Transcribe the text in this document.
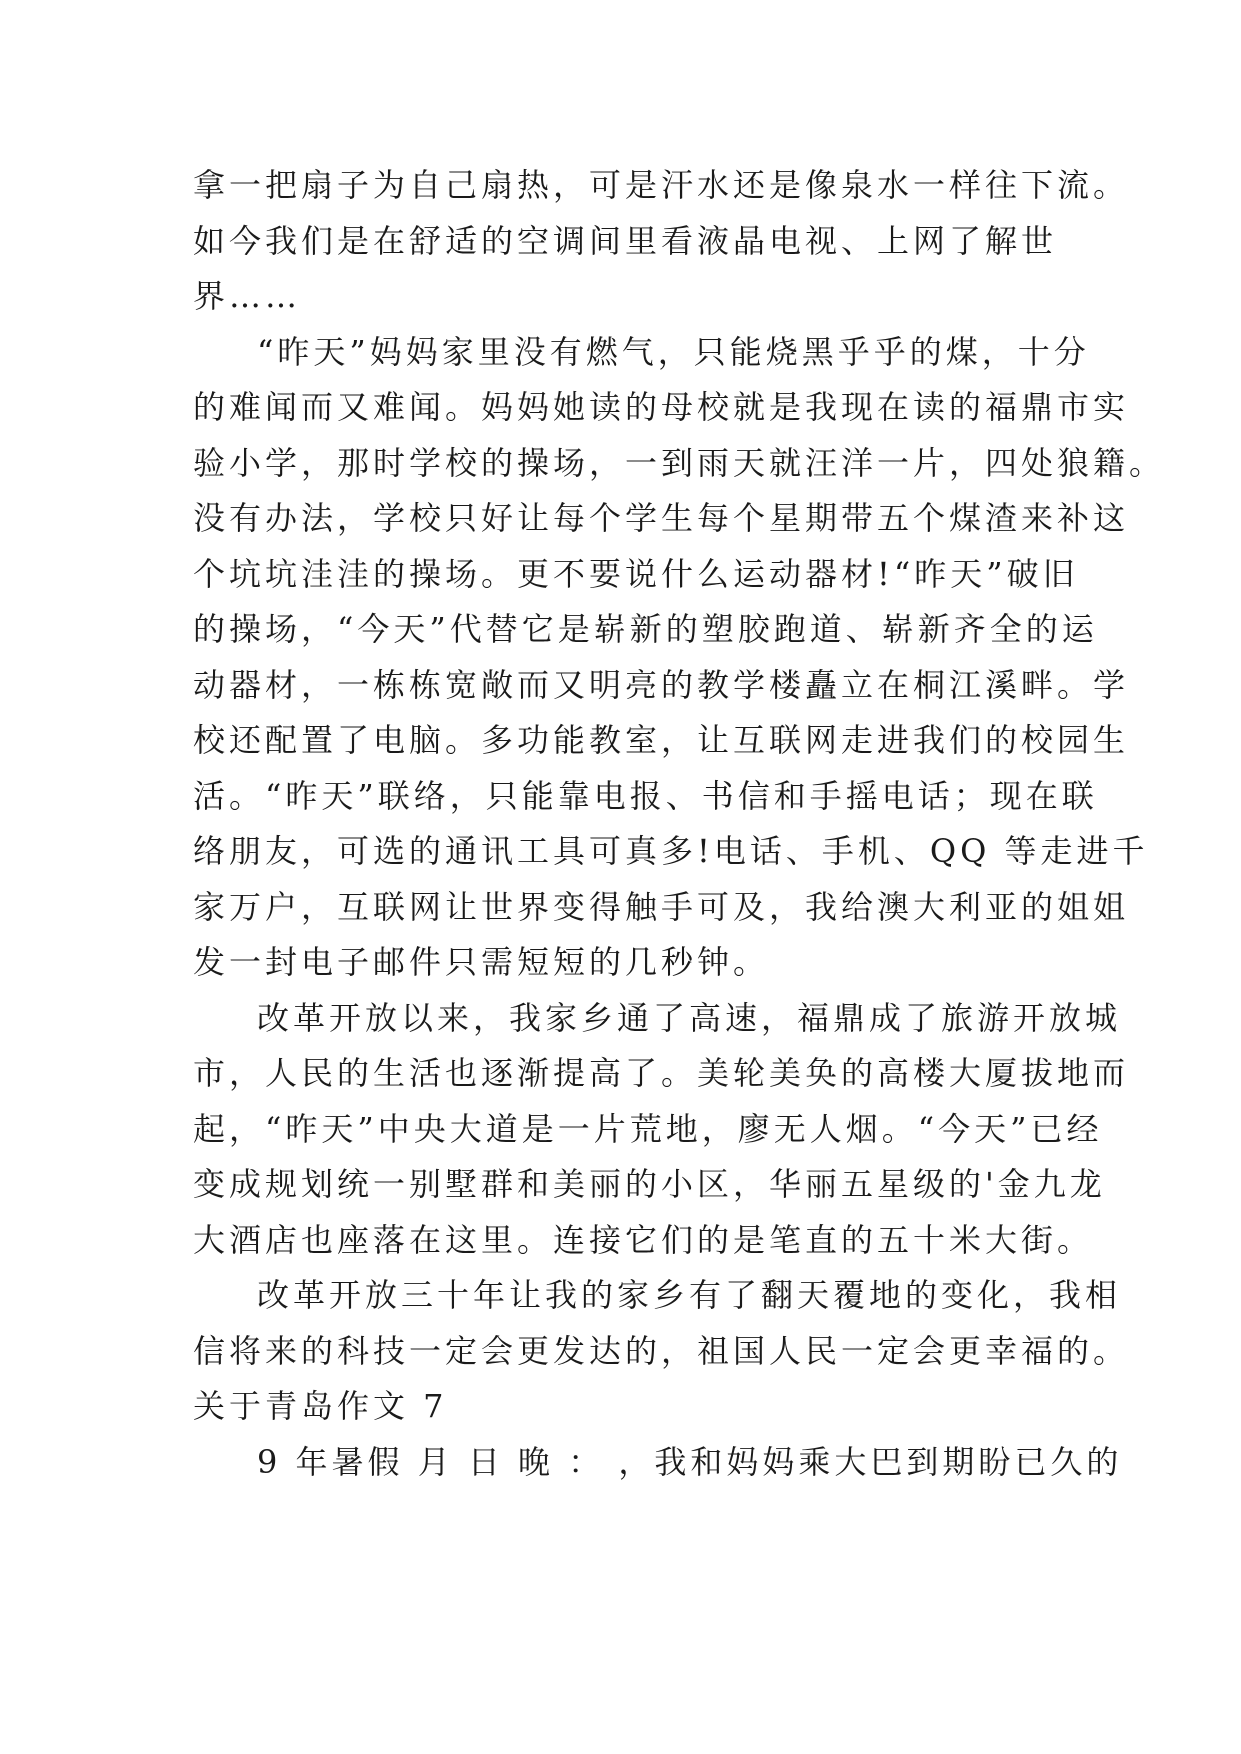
拿一把扇子为自己扇热，可是汗水还是像泉水一样往下流。
如今我们是在舒适的空调间里看液晶电视、上网了解世
界……
“昨天”妈妈家里没有燃气，只能烧黑乎乎的煤，十分
的难闻而又难闻。妈妈她读的母校就是我现在读的福鼎市实
验小学，那时学校的操场，一到雨天就汪洋一片，四处狼籍。
没有办法，学校只好让每个学生每个星期带五个煤渣来补这
个坑坑洼洼的操场。更不要说什么运动器材!“昨天”破旧
的操场，“今天”代替它是崭新的塑胶跑道、崭新齐全的运
动器材，一栋栋宽敞而又明亮的教学楼矗立在桐江溪畔。学
校还配置了电脑。多功能教室，让互联网走进我们的校园生
活。“昨天”联络，只能靠电报、书信和手摇电话；现在联
络朋友，可选的通讯工具可真多!电话、手机、QQ 等走进千
家万户，互联网让世界变得触手可及，我给澳大利亚的姐姐
发一封电子邮件只需短短的几秒钟。
改革开放以来，我家乡通了高速，福鼎成了旅游开放城
市，人民的生活也逐渐提高了。美轮美奂的高楼大厦拔地而
起，“昨天”中央大道是一片荒地，廖无人烟。“今天”已经
变成规划统一别墅群和美丽的小区，华丽五星级的'金九龙
大酒店也座落在这里。连接它们的是笔直的五十米大街。
改革开放三十年让我的家乡有了翻天覆地的变化，我相
信将来的科技一定会更发达的，祖国人民一定会更幸福的。
关于青岛作文 7
9 年暑假 月 日 晚 ： ，我和妈妈乘大巴到期盼已久的
